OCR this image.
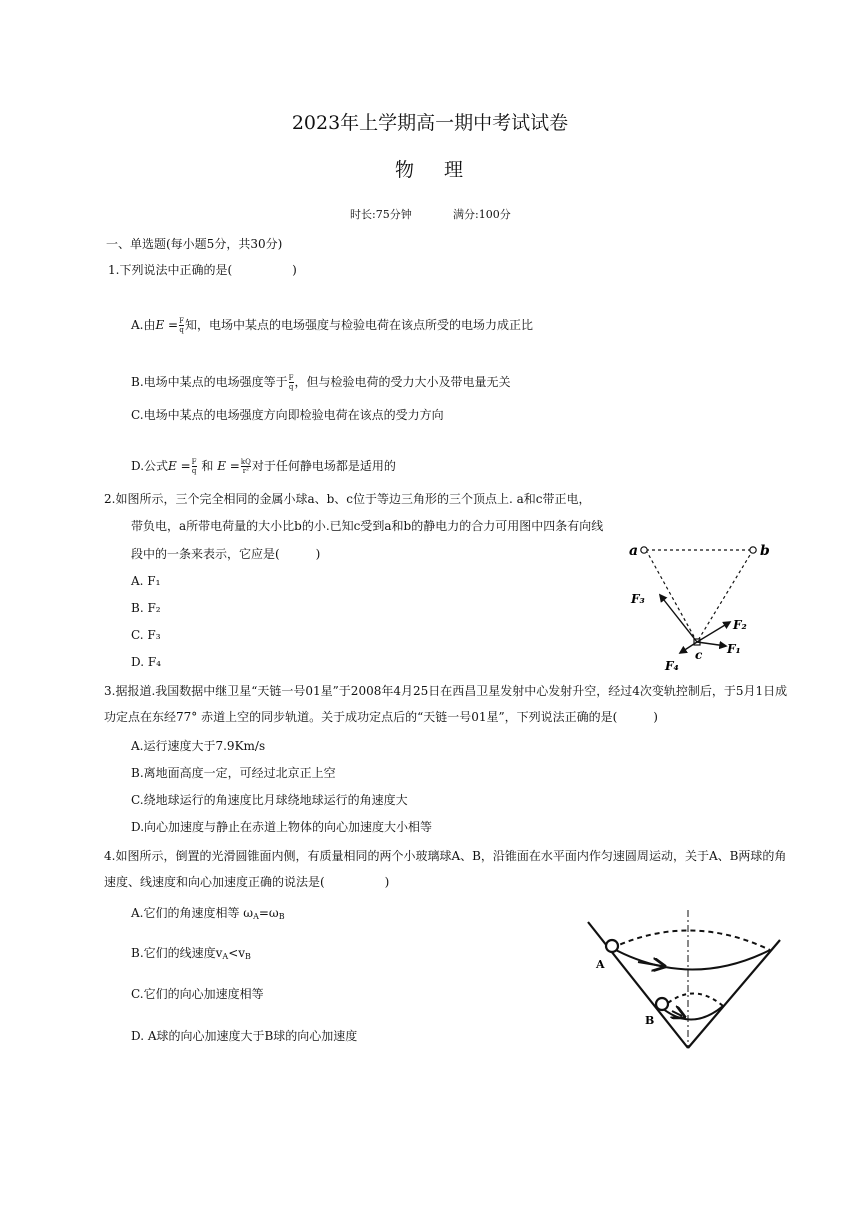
2023年上学期高一期中考试试卷
物 理
时长:75分钟	满分:100分
一、单选题(每小题5分，共30分)
1.下列说法中正确的是(　　　　　)
A.由$E = \frac{F}{q}$ 知，电场中某点的电场强度与检验电荷在该点所受的电场力成正比
B.电场中某点的电场强度等于 $\frac{F}{q}$ ，但与检验电荷的受力大小及带电量无关
C.电场中某点的电场强度方向即检验电荷在该点的受力方向
D.公式$E = \frac{F}{q}$ 和 $E = \frac{kQ}{\text{r²}}$ 对于任何静电场都是适用的
2.如图所示，三个完全相同的金属小球a、b、c位于等边三角形的三个顶点上. a和c带正电，
带负电，a所带电荷量的大小比b的小.已知c受到a和b的静电力的合力可用图中四条有向线
段中的一条来表示，它应是(　　　)
A. F₁
B. F₂
C. F₃
D. F₄
a	b
c
F₃
F₂
F₁
F₄
3.据报道.我国数据中继卫星“天链一号01星”于2008年4月25日在西昌卫星发射中心发射升空，经过4次变轨控制后，于5月1日成
功定点在东经77° 赤道上空的同步轨道。关于成功定点后的“天链一号01星”，下列说法正确的是(　　　)
A.运行速度大于7.9Km/s
B.离地面高度一定，可经过北京正上空
C.绕地球运行的角速度比月球绕地球运行的角速度大
D.向心加速度与静止在赤道上物体的向心加速度大小相等
4.如图所示，倒置的光滑圆锥面内侧，有质量相同的两个小玻璃球A、B，沿锥面在水平面内作匀速圆周运动，关于A、B两球的角
速度、线速度和向心加速度正确的说法是(　　　　　)
A.它们的角速度相等 $\omega_A=\omega_B$
B.它们的线速度$v_A<v_B$
C.它们的向心加速度相等
D. A球的向心加速度大于B球的向心加速度
A
B
